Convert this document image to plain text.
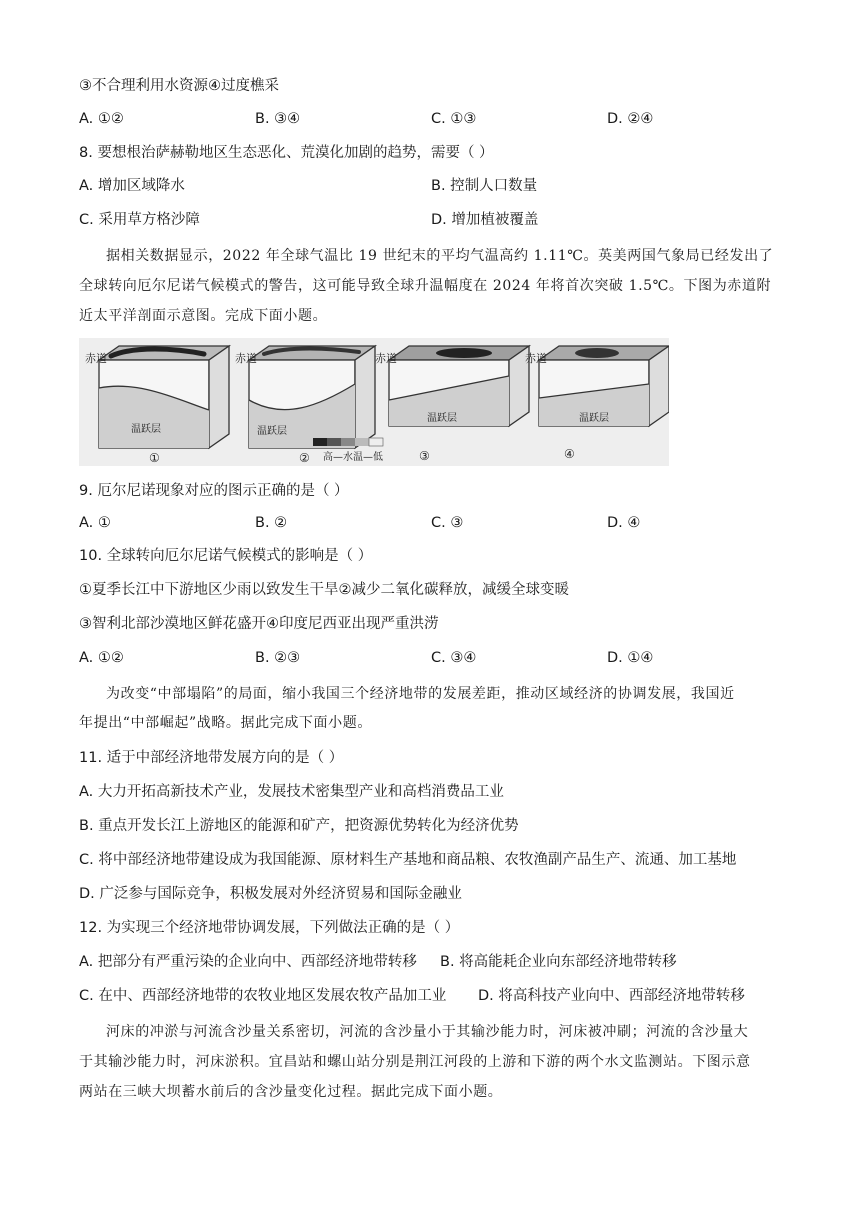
③不合理利用水资源④过度樵采
A. ①②	B. ③④	C. ①③	D. ②④
8. 要想根治萨赫勒地区生态恶化、荒漠化加剧的趋势，需要（ ）
A. 增加区域降水	B. 控制人口数量
C. 采用草方格沙障	D. 增加植被覆盖
据相关数据显示，2022 年全球气温比 19 世纪末的平均气温高约 1.11℃。英美两国气象局已经发出了
全球转向厄尔尼诺气候模式的警告，这可能导致全球升温幅度在 2024 年将首次突破 1.5℃。下图为赤道附
近太平洋剖面示意图。完成下面小题。
赤道
温跃层
①
赤道
温跃层
②
赤道
温跃层
③
赤道
温跃层
④
高—水温—低
9. 厄尔尼诺现象对应的图示正确的是（ ）
A. ①	B. ②	C. ③	D. ④
10. 全球转向厄尔尼诺气候模式的影响是（ ）
①夏季长江中下游地区少雨以致发生干旱②减少二氧化碳释放，减缓全球变暖
③智利北部沙漠地区鲜花盛开④印度尼西亚出现严重洪涝
A. ①②	B. ②③	C. ③④	D. ①④
为改变“中部塌陷”的局面，缩小我国三个经济地带的发展差距，推动区域经济的协调发展，我国近
年提出“中部崛起”战略。据此完成下面小题。
11. 适于中部经济地带发展方向的是（ ）
A. 大力开拓高新技术产业，发展技术密集型产业和高档消费品工业
B. 重点开发长江上游地区的能源和矿产，把资源优势转化为经济优势
C. 将中部经济地带建设成为我国能源、原材料生产基地和商品粮、农牧渔副产品生产、流通、加工基地
D. 广泛参与国际竞争，积极发展对外经济贸易和国际金融业
12. 为实现三个经济地带协调发展，下列做法正确的是（ ）
A. 把部分有严重污染的企业向中、西部经济地带转移 B. 将高能耗企业向东部经济地带转移
C. 在中、西部经济地带的农牧业地区发展农牧产品加工业 D. 将高科技产业向中、西部经济地带转移
河床的冲淤与河流含沙量关系密切，河流的含沙量小于其输沙能力时，河床被冲刷；河流的含沙量大
于其输沙能力时，河床淤积。宜昌站和螺山站分别是荆江河段的上游和下游的两个水文监测站。下图示意
两站在三峡大坝蓄水前后的含沙量变化过程。据此完成下面小题。
